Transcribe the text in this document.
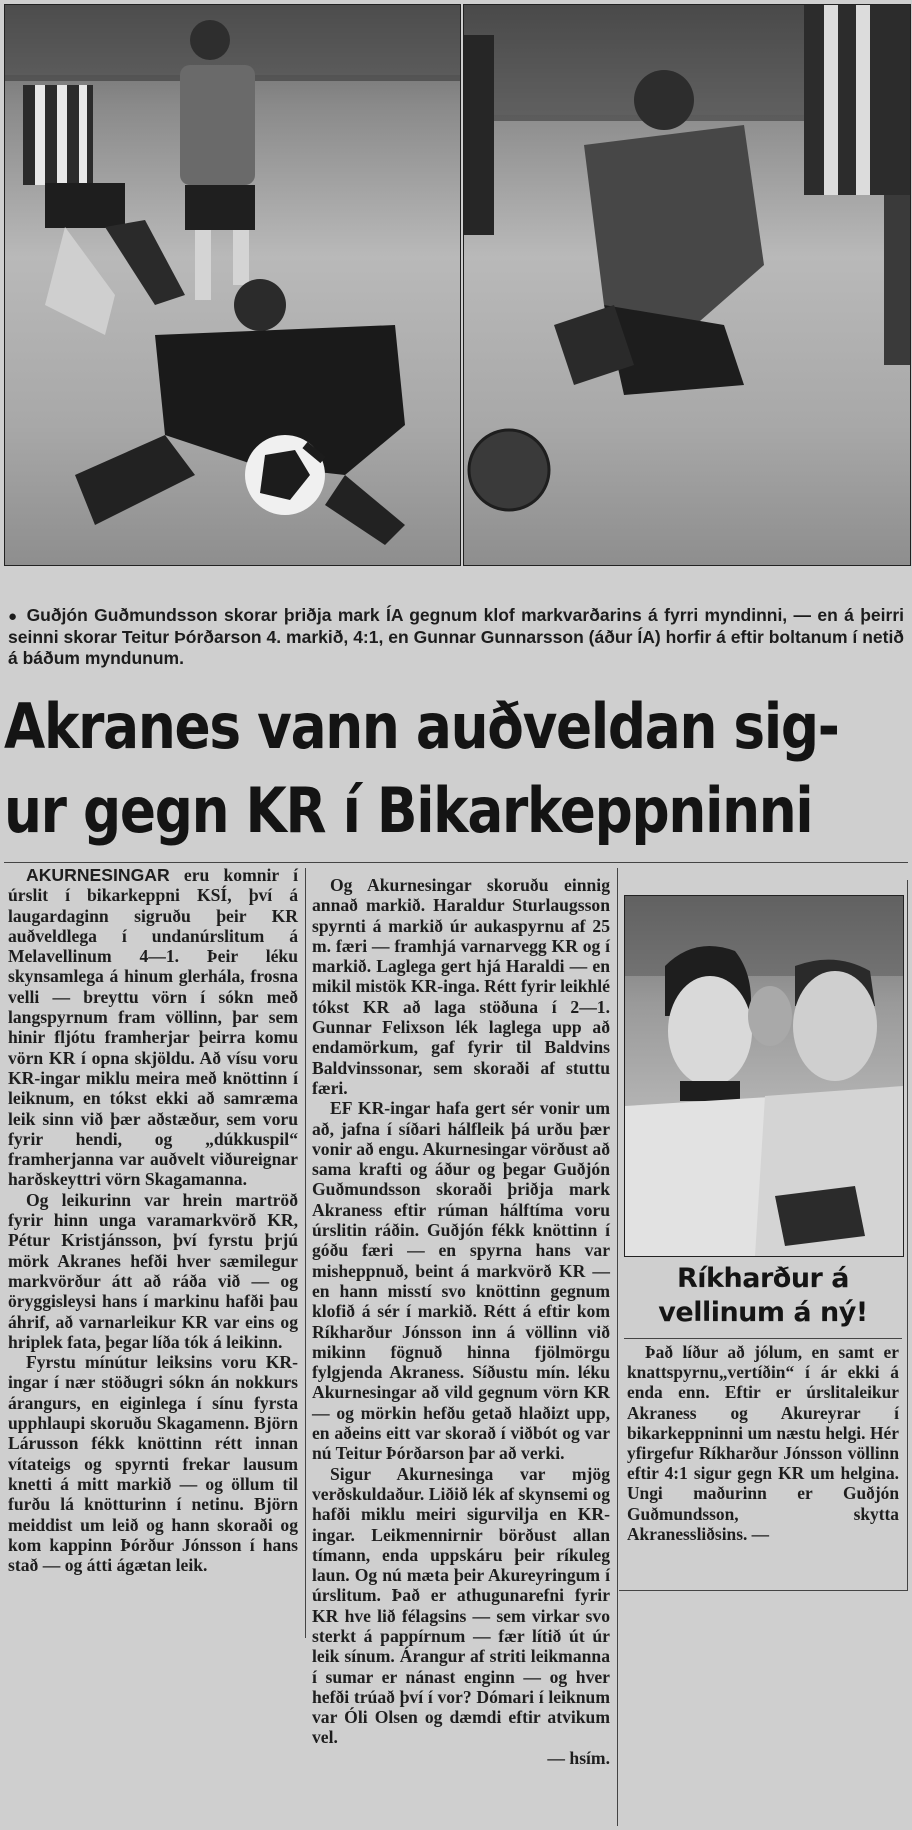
● Guðjón Guðmundsson skorar þriðja mark ÍA gegnum klof markvarðarins á fyrri myndinni, — en á þeirri seinni skorar Teitur Þórðarson 4. markið, 4:1, en Gunnar Gunnarsson (áður ÍA) horfir á eftir boltanum í netið á báðum myndunum.
Akranes vann auðveldan sig-
ur gegn KR í Bikarkeppninni

AKURNESINGAR eru komnir í úrslit í bikarkeppni KSÍ, því á laugardaginn sigruðu þeir KR auðveldlega í undanúrslitum á Melavellinum 4—1. Þeir léku skynsamlega á hinum glerhála, frosna velli — breyttu vörn í sókn með langspyrnum fram völlinn, þar sem hinir fljótu framherjar þeirra komu vörn KR í opna skjöldu. Að vísu voru KR-ingar miklu meira með knöttinn í leiknum, en tókst ekki að samræma leik sinn við þær aðstæður, sem voru fyrir hendi, og „dúkkuspil“ framherjanna var auðvelt viðureignar harðskeyttri vörn Skagamanna.

Og leikurinn var hrein martröð fyrir hinn unga varamarkvörð KR, Pétur Kristjánsson, því fyrstu þrjú mörk Akranes hefði hver sæmilegur markvörður átt að ráða við — og öryggisleysi hans í markinu hafði þau áhrif, að varnarleikur KR var eins og hriplek fata, þegar líða tók á leikinn.

Fyrstu mínútur leiksins voru KR-ingar í nær stöðugri sókn án nokkurs árangurs, en eiginlega í sínu fyrsta upphlaupi skoruðu Skagamenn. Björn Lárusson fékk knöttinn rétt innan vítateigs og spyrnti frekar lausum knetti á mitt markið — og öllum til furðu lá knötturinn í netinu. Björn meiddist um leið og hann skoraði og kom kappinn Þórður Jónsson í hans stað — og átti ágætan leik.

Og Akurnesingar skoruðu einnig annað markið. Haraldur Sturlaugsson spyrnti á markið úr aukaspyrnu af 25 m. færi — framhjá varnarvegg KR og í markið. Laglega gert hjá Haraldi — en mikil mistök KR-inga. Rétt fyrir leikhlé tókst KR að laga stöðuna í 2—1. Gunnar Felixson lék laglega upp að endamörkum, gaf fyrir til Baldvins Baldvinssonar, sem skoraði af stuttu færi.

EF KR-ingar hafa gert sér vonir um að, jafna í síðari hálfleik þá urðu þær vonir að engu. Akurnesingar vörðust að sama krafti og áður og þegar Guðjón Guðmundsson skoraði þriðja mark Akraness eftir rúman hálftíma voru úrslitin ráðin. Guðjón fékk knöttinn í góðu færi — en spyrna hans var misheppnuð, beint á markvörð KR — en hann misstí svo knöttinn gegnum klofið á sér í markið. Rétt á eftir kom Ríkharður Jónsson inn á völlinn við mikinn fögnuð hinna fjölmörgu fylgjenda Akraness. Síðustu mín. léku Akurnesingar að vild gegnum vörn KR — og mörkin hefðu getað hlaðizt upp, en aðeins eitt var skorað í viðbót og var nú Teitur Þórðarson þar að verki.

Sigur Akurnesinga var mjög verðskuldaður. Liðið lék af skynsemi og hafði miklu meiri sigurvilja en KR-ingar. Leikmennirnir börðust allan tímann, enda uppskáru þeir ríkuleg laun. Og nú mæta þeir Akureyringum í úrslitum. Það er athugunarefni fyrir KR hve lið félagsins — sem virkar svo sterkt á pappírnum — fær lítið út úr leik sínum. Árangur af striti leikmanna í sumar er nánast enginn — og hver hefði trúað því í vor? Dómari í leiknum var Óli Olsen og dæmdi eftir atvikum vel.

— hsím.
Ríkharður á vellinum á ný!

Það líður að jólum, en samt er knattspyrnu„vertíðin“ í ár ekki á enda enn. Eftir er úrslitaleikur Akraness og Akureyrar í bikarkeppninni um næstu helgi. Hér yfirgefur Ríkharður Jónsson völlinn eftir 4:1 sigur gegn KR um helgina. Ungi maðurinn er Guðjón Guðmundsson, skytta Akranessliðsins. —
